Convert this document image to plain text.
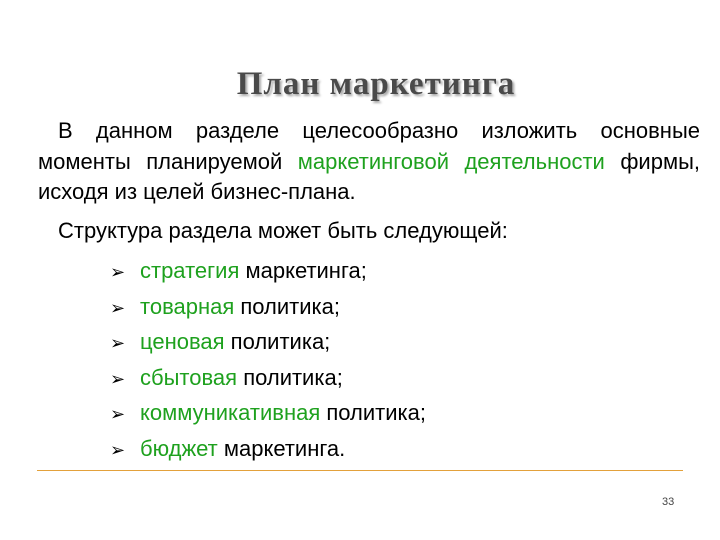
План маркетинга
В данном разделе целесообразно изложить основные моменты планируемой маркетинговой деятельности фирмы, исходя из целей бизнес-плана.
Структура раздела может быть следующей:
➢ стратегия маркетинга;
➢ товарная политика;
➢ ценовая политика;
➢ сбытовая политика;
➢ коммуникативная политика;
➢ бюджет маркетинга.
33
